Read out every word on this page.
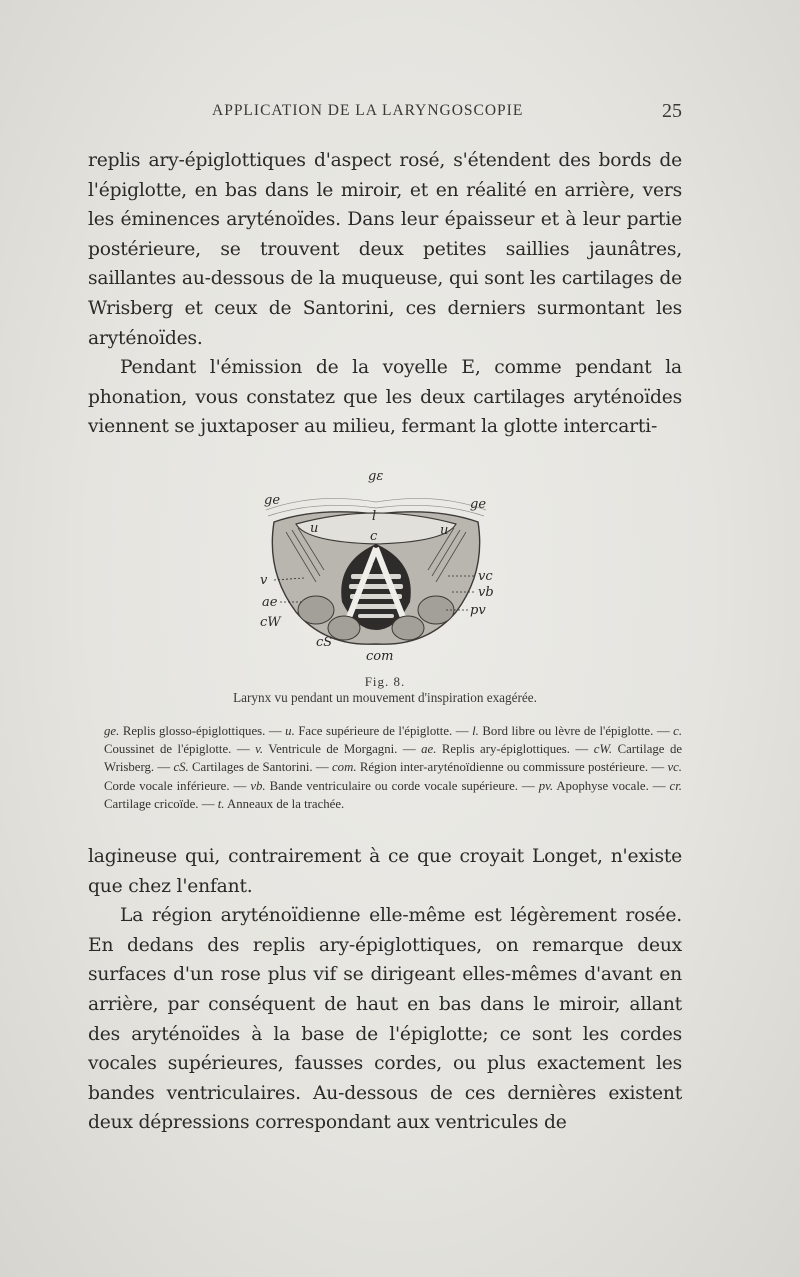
APPLICATION DE LA LARYNGOSCOPIE	25

replis ary-épiglottiques d'aspect rosé, s'étendent des bords de l'épiglotte, en bas dans le miroir, et en réalité en arrière, vers les éminences aryténoïdes. Dans leur épaisseur et à leur partie postérieure, se trouvent deux petites saillies jaunâtres, saillantes au-dessous de la muqueuse, qui sont les cartilages de Wrisberg et ceux de Santorini, ces derniers surmontant les aryténoïdes.

Pendant l'émission de la voyelle E, comme pendant la phonation, vous constatez que les deux cartilages aryténoïdes viennent se juxtaposer au milieu, fermant la glotte intercarti-

gε
ge	ge
l
u	u
c
t
v
ae
cW
cS
com
vc
vb
pv
Fig. 8.
Larynx vu pendant un mouvement d'inspiration exagérée.
ge. Replis glosso-épiglottiques. — u. Face supérieure de l'épiglotte. — l. Bord libre ou lèvre de l'épiglotte. — c. Coussinet de l'épiglotte. — v. Ventricule de Morgagni. — ae. Replis ary-épiglottiques. — cW. Cartilage de Wrisberg. — cS. Cartilages de Santorini. — com. Région inter-aryténoïdienne ou commissure postérieure. — vc. Corde vocale inférieure. — vb. Bande ventriculaire ou corde vocale supérieure. — pv. Apophyse vocale. — cr. Cartilage cricoïde. — t. Anneaux de la trachée.

lagineuse qui, contrairement à ce que croyait Longet, n'existe que chez l'enfant.

La région aryténoïdienne elle-même est légèrement rosée. En dedans des replis ary-épiglottiques, on remarque deux surfaces d'un rose plus vif se dirigeant elles-mêmes d'avant en arrière, par conséquent de haut en bas dans le miroir, allant des aryténoïdes à la base de l'épiglotte; ce sont les cordes vocales supérieures, fausses cordes, ou plus exactement les bandes ventriculaires. Au-dessous de ces dernières existent deux dépressions correspondant aux ventricules de
